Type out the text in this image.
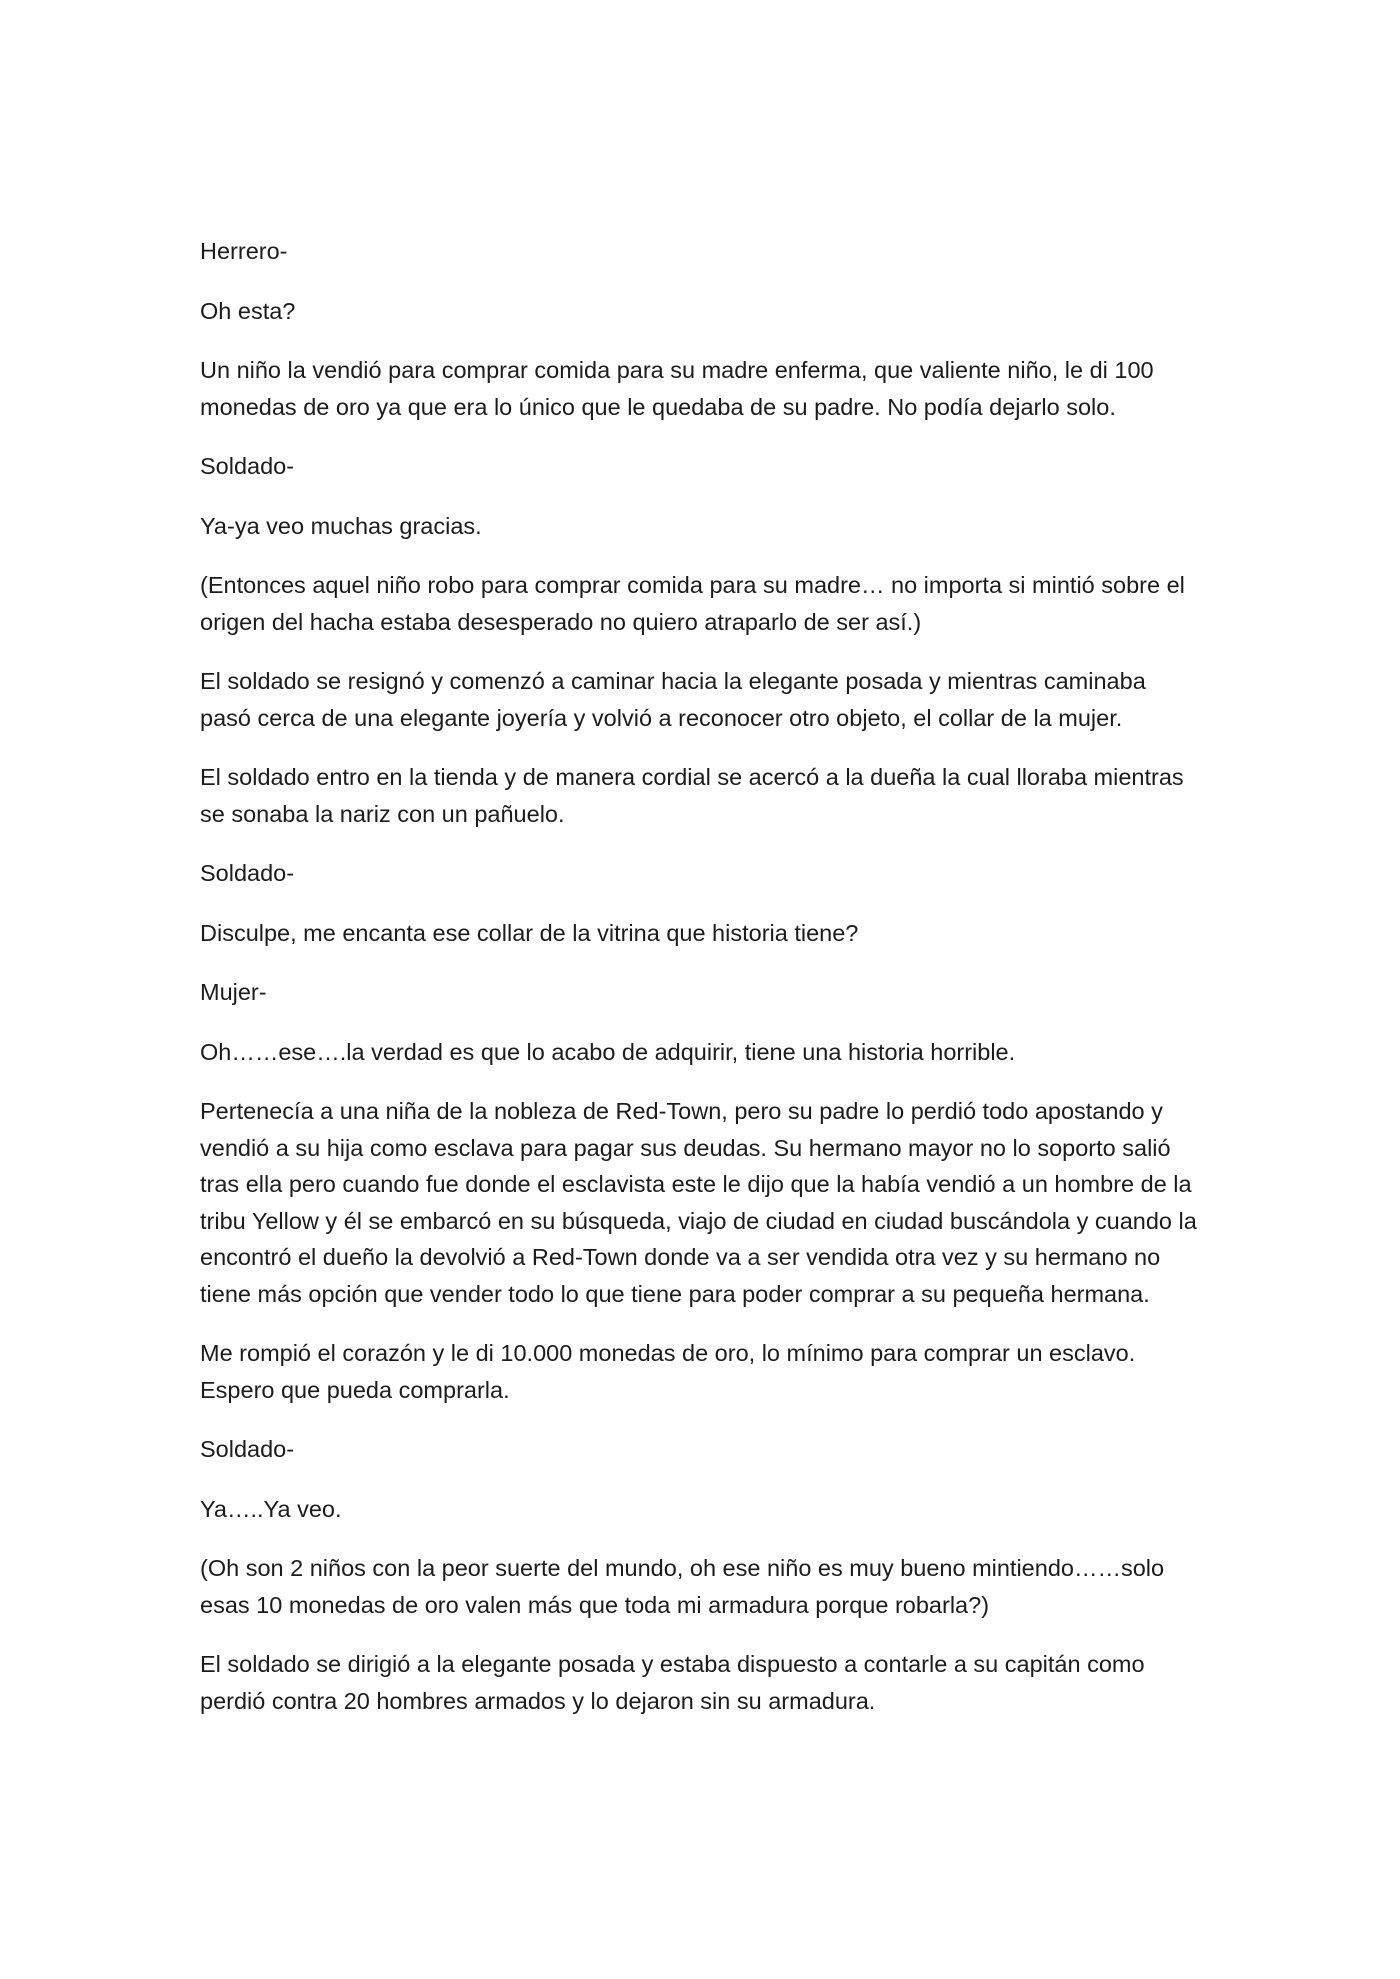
Herrero-

Oh esta?

Un niño la vendió para comprar comida para su madre enferma, que valiente niño, le di 100 monedas de oro ya que era lo único que le quedaba de su padre. No podía dejarlo solo.

Soldado-

Ya-ya veo muchas gracias.

(Entonces aquel niño robo para comprar comida para su madre… no importa si mintió sobre el origen del hacha estaba desesperado no quiero atraparlo de ser así.)

El soldado se resignó y comenzó a caminar hacia la elegante posada y mientras caminaba pasó cerca de una elegante joyería y volvió a reconocer otro objeto, el collar de la mujer.

El soldado entro en la tienda y de manera cordial se acercó a la dueña la cual lloraba mientras se sonaba la nariz con un pañuelo.

Soldado-

Disculpe, me encanta ese collar de la vitrina que historia tiene?

Mujer-

Oh……ese….la verdad es que lo acabo de adquirir, tiene una historia horrible.

Pertenecía a una niña de la nobleza de Red-Town, pero su padre lo perdió todo apostando y vendió a su hija como esclava para pagar sus deudas. Su hermano mayor no lo soporto salió tras ella pero cuando fue donde el esclavista este le dijo que la había vendió a un hombre de la tribu Yellow y él se embarcó en su búsqueda, viajo de ciudad en ciudad buscándola y cuando la encontró el dueño la devolvió a Red-Town donde va a ser vendida otra vez y su hermano no tiene más opción que vender todo lo que tiene para poder comprar a su pequeña hermana.

Me rompió el corazón y le di 10.000 monedas de oro, lo mínimo para comprar un esclavo. Espero que pueda comprarla.

Soldado-

Ya…..Ya veo.

(Oh son 2 niños con la peor suerte del mundo, oh ese niño es muy bueno mintiendo……solo esas 10 monedas de oro valen más que toda mi armadura porque robarla?)

El soldado se dirigió a la elegante posada y estaba dispuesto a contarle a su capitán como perdió contra 20 hombres armados y lo dejaron sin su armadura.
